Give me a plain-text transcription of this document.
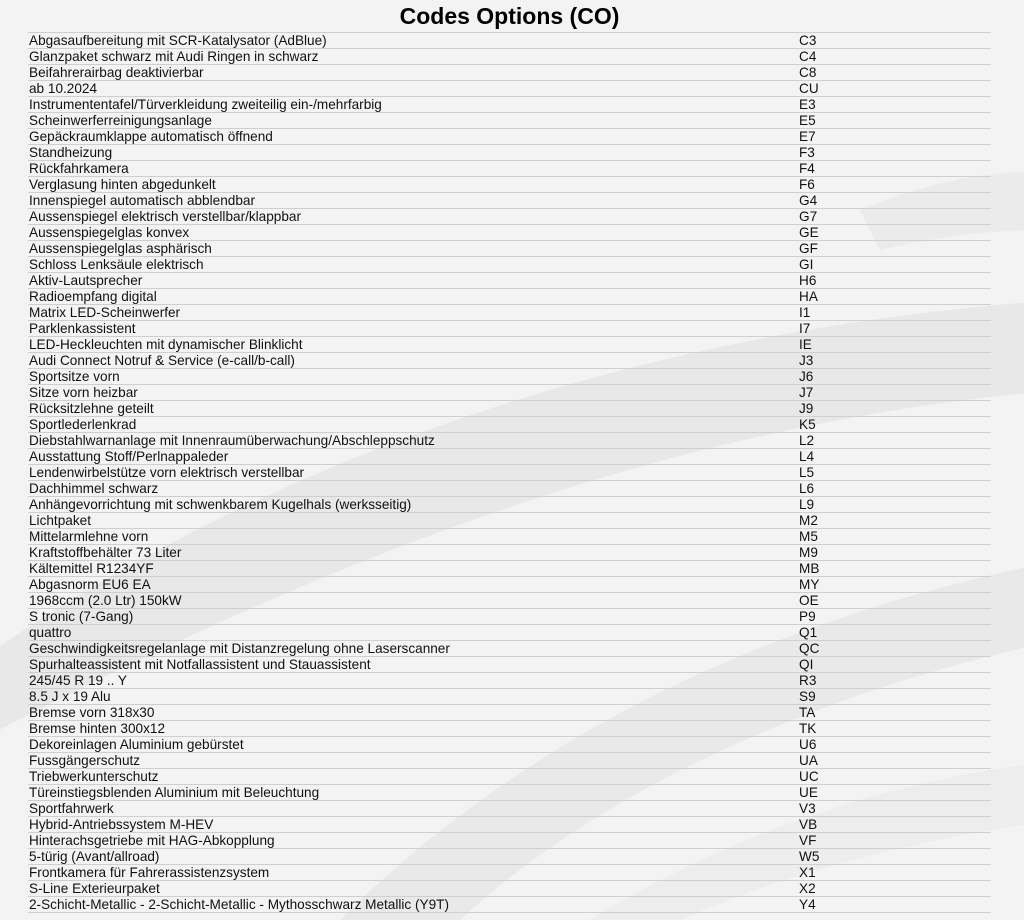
Codes Options (CO)
Abgasaufbereitung mit SCR-Katalysator (AdBlue)	C3
Glanzpaket schwarz mit Audi Ringen in schwarz	C4
Beifahrerairbag deaktivierbar	C8
ab 10.2024	CU
Instrumententafel/Türverkleidung zweiteilig ein-/mehrfarbig	E3
Scheinwerferreinigungsanlage	E5
Gepäckraumklappe automatisch öffnend	E7
Standheizung	F3
Rückfahrkamera	F4
Verglasung hinten abgedunkelt	F6
Innenspiegel automatisch abblendbar	G4
Aussenspiegel elektrisch verstellbar/klappbar	G7
Aussenspiegelglas konvex	GE
Aussenspiegelglas asphärisch	GF
Schloss Lenksäule elektrisch	GI
Aktiv-Lautsprecher	H6
Radioempfang digital	HA
Matrix LED-Scheinwerfer	I1
Parklenkassistent	I7
LED-Heckleuchten mit dynamischer Blinklicht	IE
Audi Connect Notruf & Service (e-call/b-call)	J3
Sportsitze vorn	J6
Sitze vorn heizbar	J7
Rücksitzlehne geteilt	J9
Sportlederlenkrad	K5
Diebstahlwarnanlage mit Innenraumüberwachung/Abschleppschutz	L2
Ausstattung Stoff/Perlnappaleder	L4
Lendenwirbelstütze vorn elektrisch verstellbar	L5
Dachhimmel schwarz	L6
Anhängevorrichtung mit schwenkbarem Kugelhals (werksseitig)	L9
Lichtpaket	M2
Mittelarmlehne vorn	M5
Kraftstoffbehälter 73 Liter	M9
Kältemittel R1234YF	MB
Abgasnorm EU6 EA	MY
1968ccm (2.0 Ltr) 150kW	OE
S tronic (7-Gang)	P9
quattro	Q1
Geschwindigkeitsregelanlage mit Distanzregelung ohne Laserscanner	QC
Spurhalteassistent mit Notfallassistent und Stauassistent	QI
245/45 R 19 .. Y	R3
8.5 J x 19 Alu	S9
Bremse vorn 318x30	TA
Bremse hinten 300x12	TK
Dekoreinlagen Aluminium gebürstet	U6
Fussgängerschutz	UA
Triebwerkunterschutz	UC
Türeinstiegsblenden Aluminium mit Beleuchtung	UE
Sportfahrwerk	V3
Hybrid-Antriebssystem M-HEV	VB
Hinterachsgetriebe mit HAG-Abkopplung	VF
5-türig (Avant/allroad)	W5
Frontkamera für Fahrerassistenzsystem	X1
S-Line Exterieurpaket	X2
2-Schicht-Metallic - 2-Schicht-Metallic - Mythosschwarz Metallic (Y9T)	Y4
